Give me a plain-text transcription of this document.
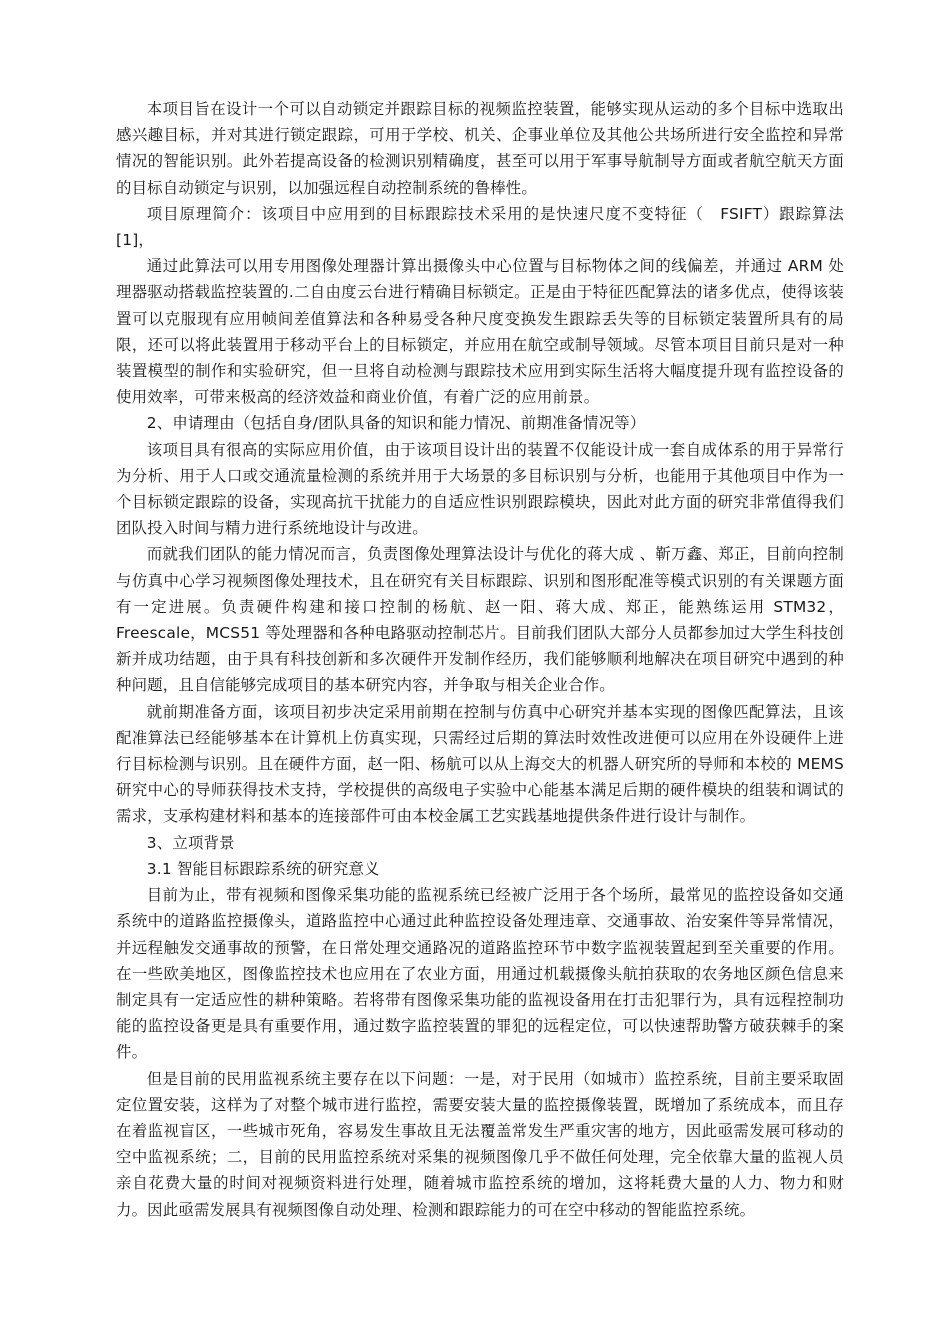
本项目旨在设计一个可以自动锁定并跟踪目标的视频监控装置，能够实现从运动的多个目标中选取出感兴趣目标，并对其进行锁定跟踪，可用于学校、机关、企事业单位及其他公共场所进行安全监控和异常情况的智能识别。此外若提高设备的检测识别精确度，甚至可以用于军事导航制导方面或者航空航天方面的目标自动锁定与识别，以加强远程自动控制系统的鲁棒性。

项目原理简介：该项目中应用到的目标跟踪技术采用的是快速尺度不变特征（　FSIFT）跟踪算法[1]，

通过此算法可以用专用图像处理器计算出摄像头中心位置与目标物体之间的线偏差，并通过 ARM 处理器驱动搭载监控装置的.二自由度云台进行精确目标锁定。正是由于特征匹配算法的诸多优点，使得该装置可以克服现有应用帧间差值算法和各种易受各种尺度变换发生跟踪丢失等的目标锁定装置所具有的局限，还可以将此装置用于移动平台上的目标锁定，并应用在航空或制导领域。尽管本项目目前只是对一种装置模型的制作和实验研究，但一旦将自动检测与跟踪技术应用到实际生活将大幅度提升现有监控设备的使用效率，可带来极高的经济效益和商业价值，有着广泛的应用前景。

2、申请理由（包括自身/团队具备的知识和能力情况、前期准备情况等）

该项目具有很高的实际应用价值，由于该项目设计出的装置不仅能设计成一套自成体系的用于异常行为分析、用于人口或交通流量检测的系统并用于大场景的多目标识别与分析，也能用于其他项目中作为一个目标锁定跟踪的设备，实现高抗干扰能力的自适应性识别跟踪模块，因此对此方面的研究非常值得我们团队投入时间与精力进行系统地设计与改进。

而就我们团队的能力情况而言，负责图像处理算法设计与优化的蒋大成 、靳万鑫、郑正，目前向控制与仿真中心学习视频图像处理技术，且在研究有关目标跟踪、识别和图形配准等模式识别的有关课题方面有一定进展。负责硬件构建和接口控制的杨航、赵一阳、蒋大成、郑正，能熟练运用 STM32，Freescale，MCS51 等处理器和各种电路驱动控制芯片。目前我们团队大部分人员都参加过大学生科技创新并成功结题，由于具有科技创新和多次硬件开发制作经历，我们能够顺利地解决在项目研究中遇到的种种问题，且自信能够完成项目的基本研究内容，并争取与相关企业合作。

就前期准备方面，该项目初步决定采用前期在控制与仿真中心研究并基本实现的图像匹配算法，且该配准算法已经能够基本在计算机上仿真实现，只需经过后期的算法时效性改进便可以应用在外设硬件上进行目标检测与识别。且在硬件方面，赵一阳、杨航可以从上海交大的机器人研究所的导师和本校的 MEMS 研究中心的导师获得技术支持，学校提供的高级电子实验中心能基本满足后期的硬件模块的组装和调试的需求，支承构建材料和基本的连接部件可由本校金属工艺实践基地提供条件进行设计与制作。

3、立项背景

3.1 智能目标跟踪系统的研究意义

目前为止，带有视频和图像采集功能的监视系统已经被广泛用于各个场所，最常见的监控设备如交通系统中的道路监控摄像头，道路监控中心通过此种监控设备处理违章、交通事故、治安案件等异常情况，并远程触发交通事故的预警，在日常处理交通路况的道路监控环节中数字监视装置起到至关重要的作用。在一些欧美地区，图像监控技术也应用在了农业方面，用通过机载摄像头航拍获取的农务地区颜色信息来制定具有一定适应性的耕种策略。若将带有图像采集功能的监视设备用在打击犯罪行为，具有远程控制功能的监控设备更是具有重要作用，通过数字监控装置的罪犯的远程定位，可以快速帮助警方破获棘手的案件。

但是目前的民用监视系统主要存在以下问题：一是，对于民用（如城市）监控系统，目前主要采取固定位置安装，这样为了对整个城市进行监控，需要安装大量的监控摄像装置，既增加了系统成本，而且存在着监视盲区，一些城市死角，容易发生事故且无法覆盖常发生严重灾害的地方，因此亟需发展可移动的空中监视系统；二，目前的民用监控系统对采集的视频图像几乎不做任何处理，完全依靠大量的监视人员亲自花费大量的时间对视频资料进行处理，随着城市监控系统的增加，这将耗费大量的人力、物力和财力。因此亟需发展具有视频图像自动处理、检测和跟踪能力的可在空中移动的智能监控系统。
